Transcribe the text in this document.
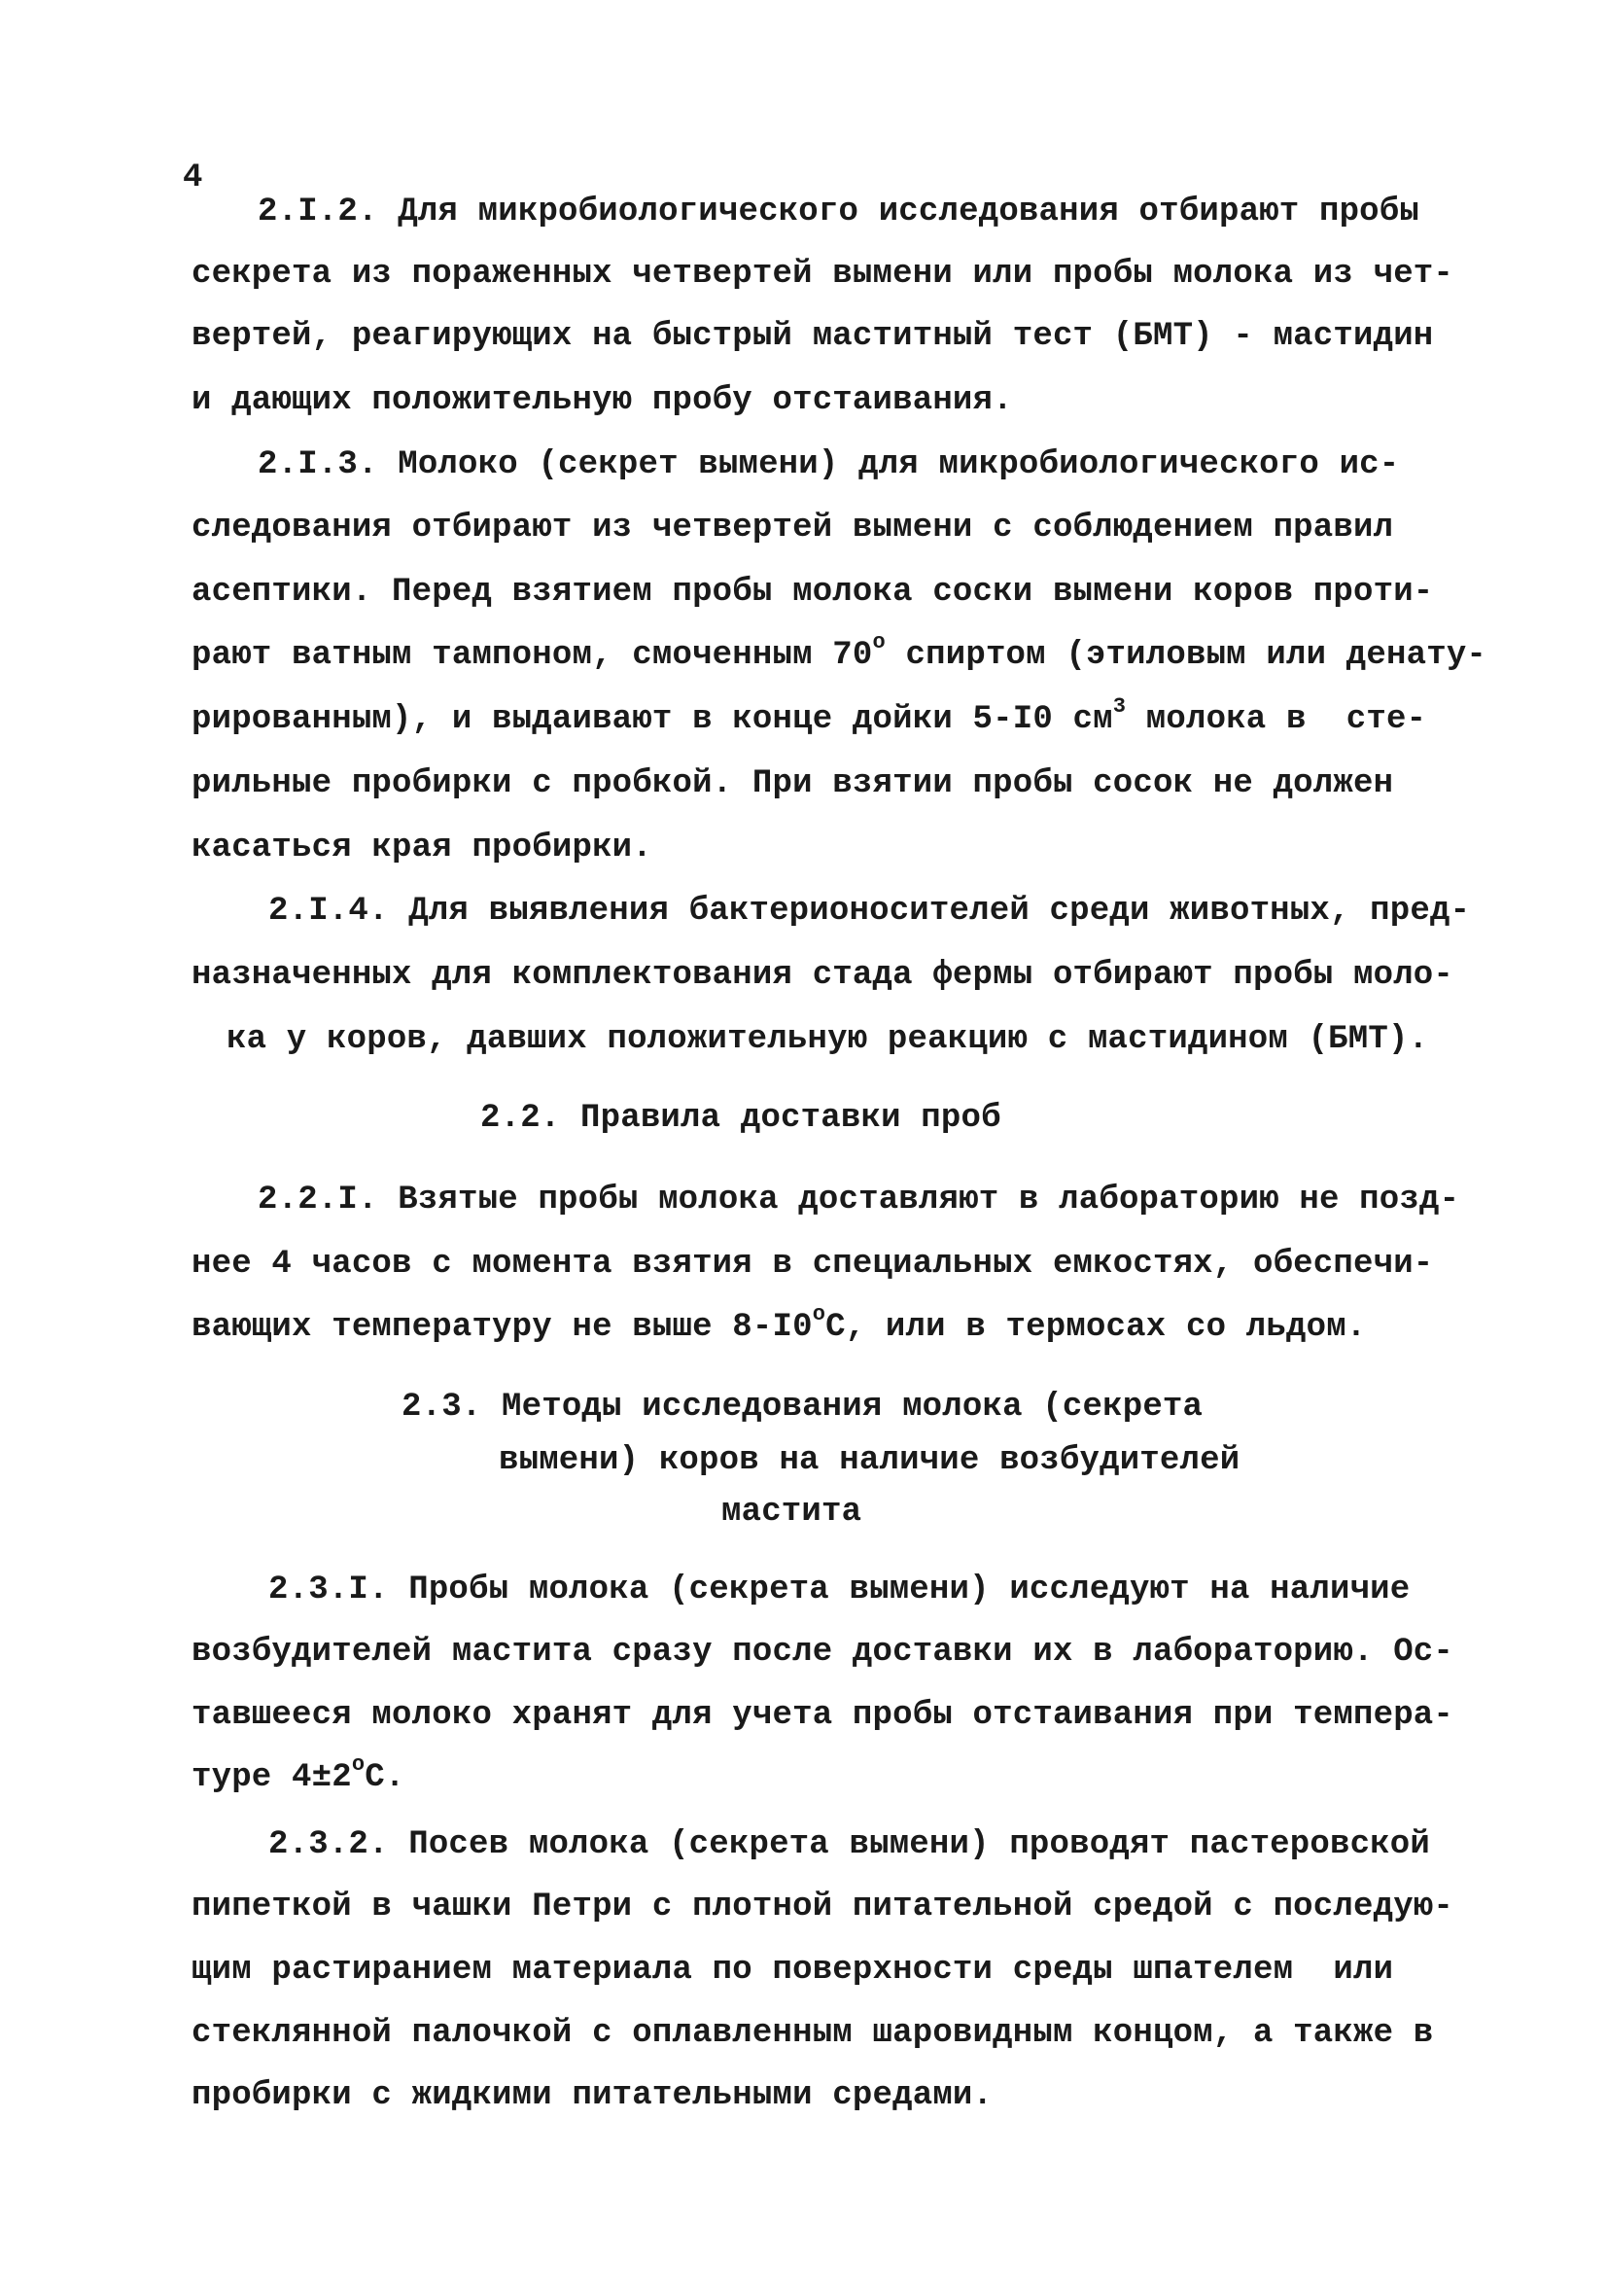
4
2.I.2. Для микробиологического исследования отбирают пробы
секрета из пораженных четвертей вымени или пробы молока из чет-
вертей, реагирующих на быстрый маститный тест (БМТ) - мастидин
и дающих положительную пробу отстаивания.
2.I.3. Молоко (секрет вымени) для микробиологического ис-
следования отбирают из четвертей вымени с соблюдением правил
асептики. Перед взятием пробы молока соски вымени коров проти-
рают ватным тампоном, смоченным 70$^o$ спиртом (этиловым или денату-
рированным), и выдаивают в конце дойки 5-I0 $см^3$ молока в  сте-
рильные пробирки с пробкой. При взятии пробы сосок не должен
касаться края пробирки.
2.I.4. Для выявления бактерионосителей среди животных, пред-
назначенных для комплектования стада фермы отбирают пробы моло-
ка у коров, давших положительную реакцию с мастидином (БМТ).
2.2. Правила доставки проб
2.2.I. Взятые пробы молока доставляют в лабораторию не позд-
нее 4 часов с момента взятия в специальных емкостях, обеспечи-
вающих температуру не выше 8-I0$^o$C, или в термосах со льдом.
2.3. Методы исследования молока (секрета
вымени) коров на наличие возбудителей
мастита
2.3.I. Пробы молока (секрета вымени) исследуют на наличие
возбудителей мастита сразу после доставки их в лабораторию. Ос-
тавшееся молоко хранят для учета пробы отстаивания при темпера-
туре $4\pm 2^oC$.
2.3.2. Посев молока (секрета вымени) проводят пастеровской
пипеткой в чашки Петри с плотной питательной средой с последую-
щим растиранием материала по поверхности среды шпателем  или
стеклянной палочкой с оплавленным шаровидным концом, а также в
пробирки с жидкими питательными средами.
